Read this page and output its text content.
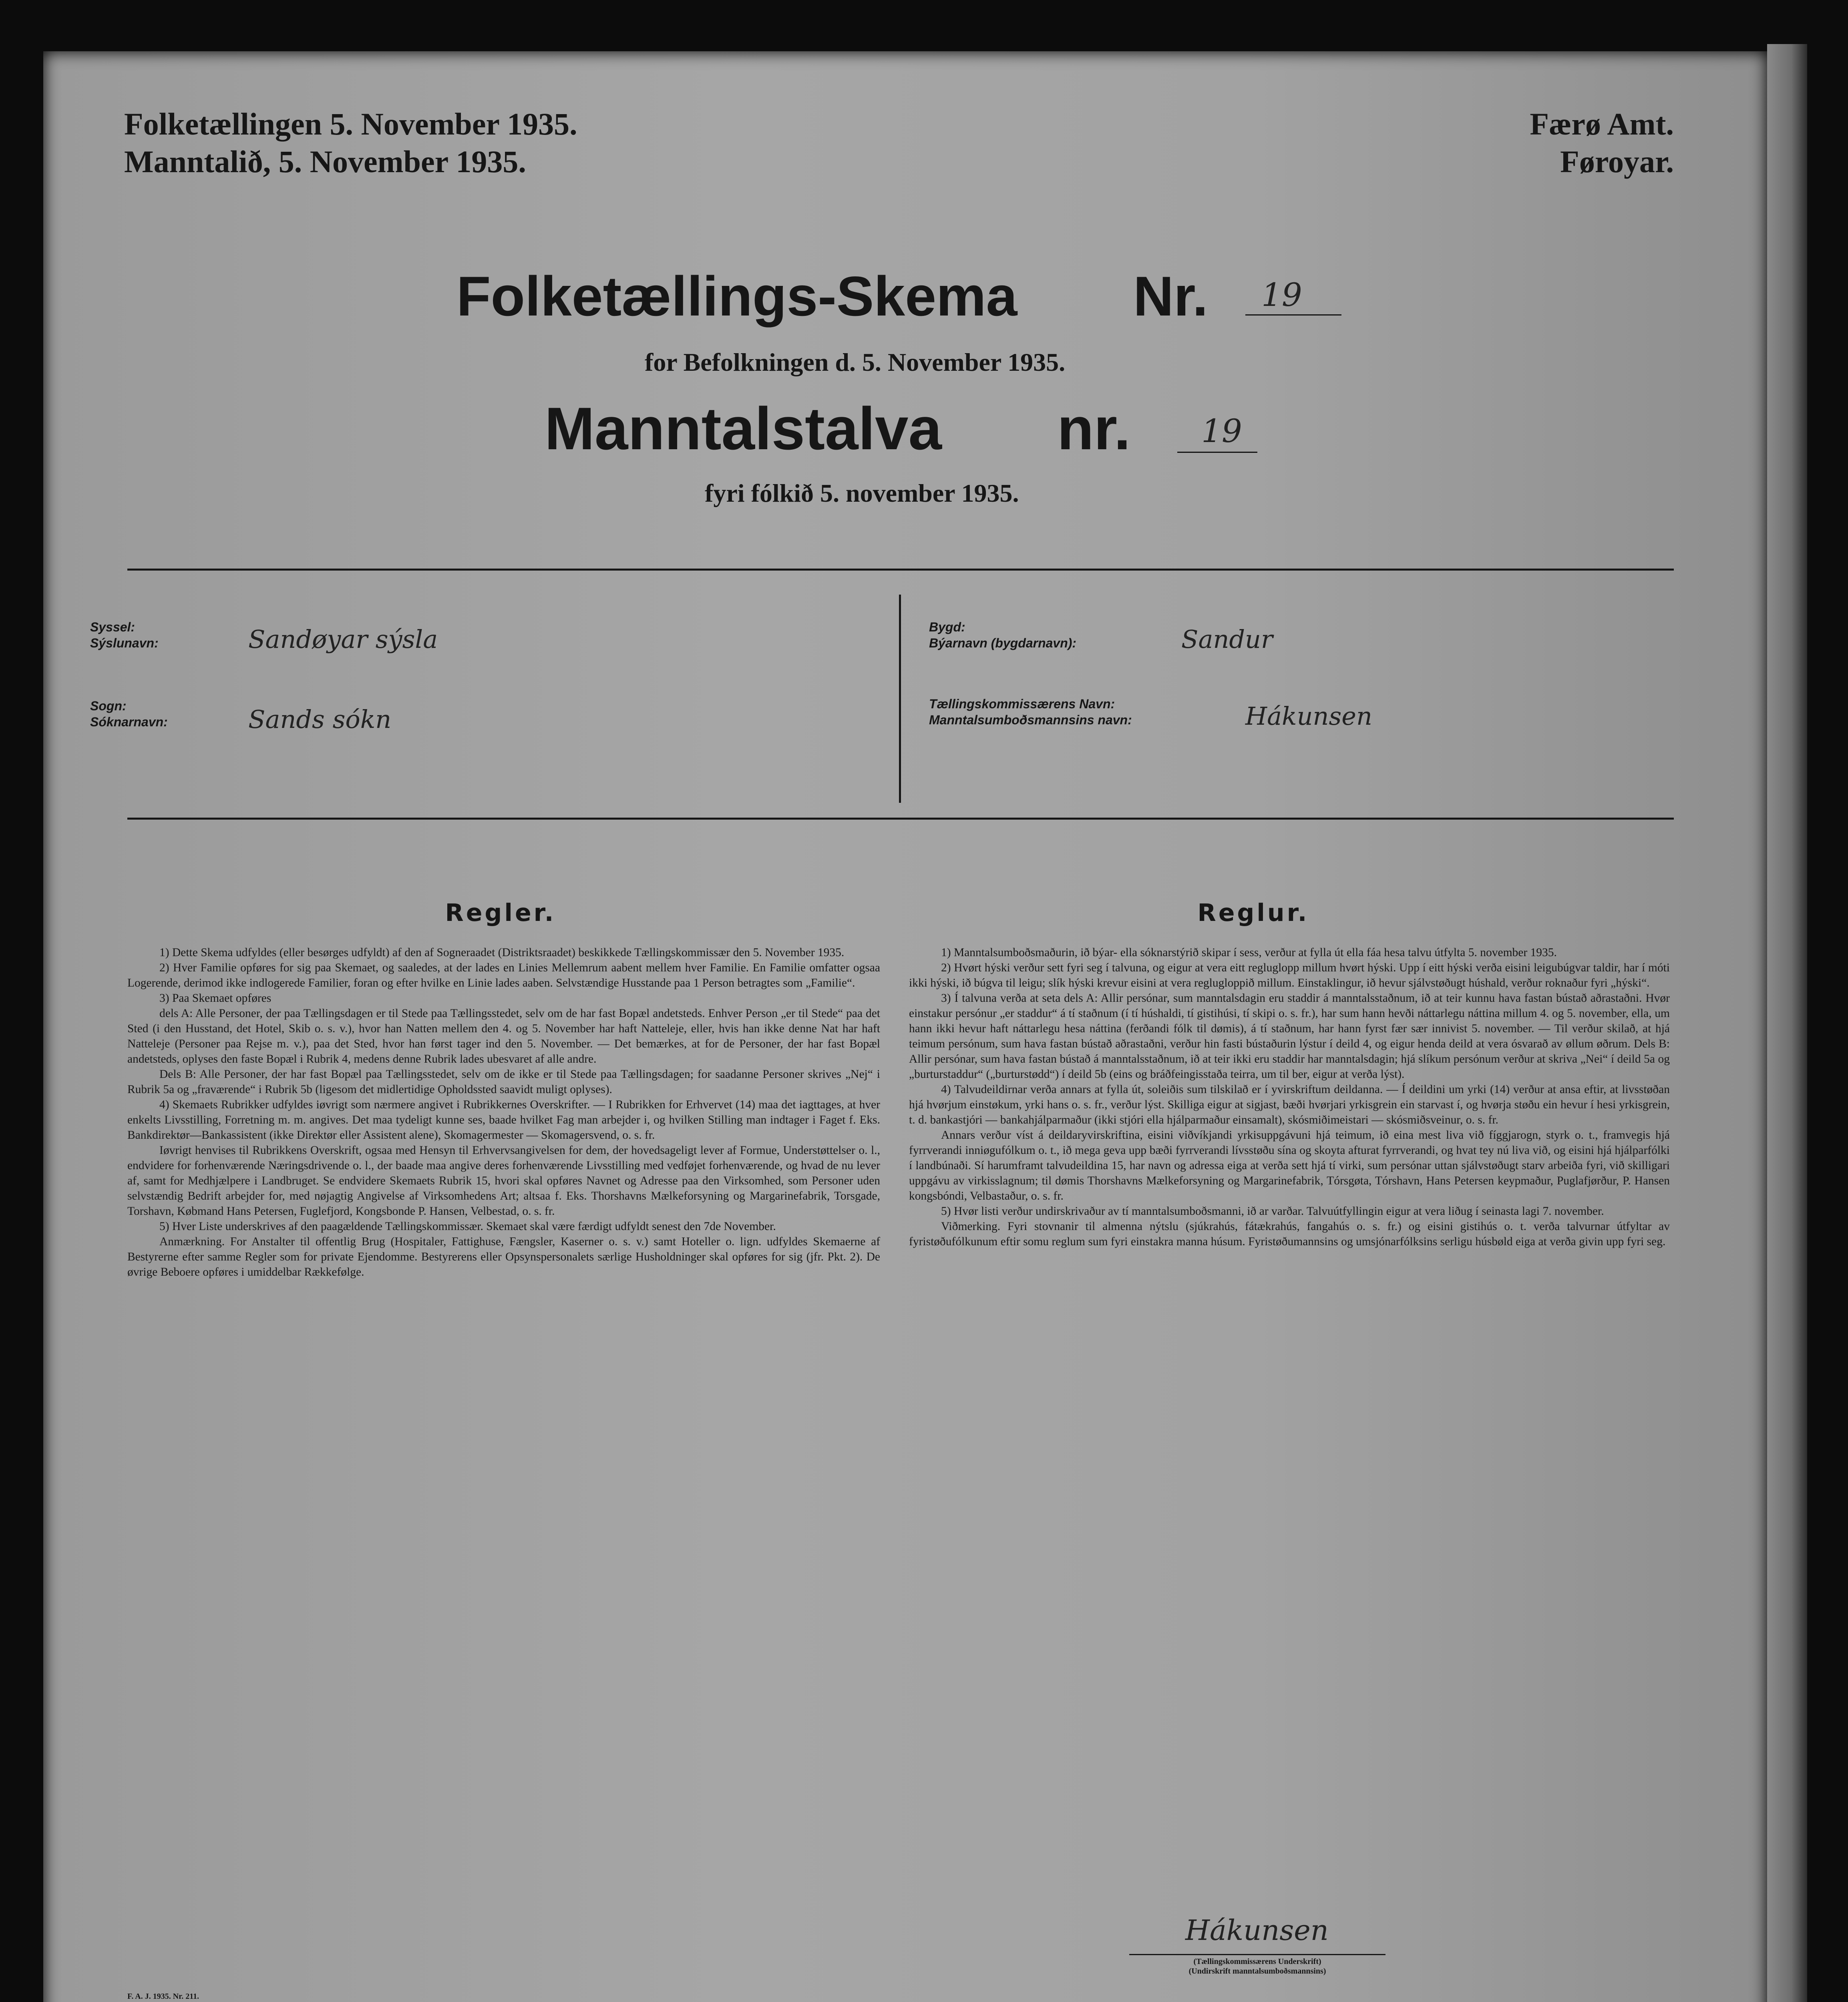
Folketællingen 5. November 1935.
Manntalið, 5. November 1935.
Færø Amt.
Føroyar.
Folketællings-Skema Nr. 19
for Befolkningen d. 5. November 1935.
Manntalstalva nr. 19
fyri fólkið 5. november 1935.
Syssel:
Sýslunavn:	Sandøyar sýsla
Sogn:
Sóknarnavn:	Sands sókn
Bygd:
Býarnavn (bygdarnavn):	Sandur
Tællingskommissærens Navn:
Manntalsumboðsmannsins navn:	Hákunsen
Regler.	Reglur.

1) Dette Skema udfyldes (eller besørges udfyldt) af den af Sogneraadet (Distriktsraadet) beskikkede Tællingskommissær den 5. November 1935.

2) Hver Familie opføres for sig paa Skemaet, og saaledes, at der lades en Linies Mellemrum aabent mellem hver Familie. En Familie omfatter ogsaa Logerende, derimod ikke indlogerede Familier, foran og efter hvilke en Linie lades aaben. Selvstændige Husstande paa 1 Person betragtes som „Familie“.

3) Paa Skemaet opføres

dels A: Alle Personer, der paa Tællingsdagen er til Stede paa Tællingsstedet, selv om de har fast Bopæl andetsteds. Enhver Person „er til Stede“ paa det Sted (i den Husstand, det Hotel, Skib o. s. v.), hvor han Natten mellem den 4. og 5. November har haft Natteleje, eller, hvis han ikke denne Nat har haft Natteleje (Personer paa Rejse m. v.), paa det Sted, hvor han først tager ind den 5. November. — Det bemærkes, at for de Personer, der har fast Bopæl andetsteds, oplyses den faste Bopæl i Rubrik 4, medens denne Rubrik lades ubesvaret af alle andre.

Dels B: Alle Personer, der har fast Bopæl paa Tællingsstedet, selv om de ikke er til Stede paa Tællingsdagen; for saadanne Personer skrives „Nej“ i Rubrik 5a og „fraværende“ i Rubrik 5b (ligesom det midlertidige Opholdssted saavidt muligt oplyses).

4) Skemaets Rubrikker udfyldes iøvrigt som nærmere angivet i Rubrikkernes Overskrifter. — I Rubrikken for Erhvervet (14) maa det iagttages, at hver enkelts Livsstilling, Forretning m. m. angives. Det maa tydeligt kunne ses, baade hvilket Fag man arbejder i, og hvilken Stilling man indtager i Faget f. Eks. Bankdirektør—Bankassistent (ikke Direktør eller Assistent alene), Skomagermester — Skomagersvend, o. s. fr.

Iøvrigt henvises til Rubrikkens Overskrift, ogsaa med Hensyn til Erhvervsangivelsen for dem, der hovedsageligt lever af Formue, Understøttelser o. l., endvidere for forhenværende Næringsdrivende o. l., der baade maa angive deres forhenværende Livsstilling med vedføjet forhenværende, og hvad de nu lever af, samt for Medhjælpere i Landbruget. Se endvidere Skemaets Rubrik 15, hvori skal opføres Navnet og Adresse paa den Virksomhed, som Personer uden selvstændig Bedrift arbejder for, med nøjagtig Angivelse af Virksomhedens Art; altsaa f. Eks. Thorshavns Mælkeforsyning og Margarinefabrik, Torsgade, Torshavn, Købmand Hans Petersen, Fuglefjord, Kongsbonde P. Hansen, Velbestad, o. s. fr.

5) Hver Liste underskrives af den paagældende Tællingskommissær. Skemaet skal være færdigt udfyldt senest den 7de November.

Anmærkning. For Anstalter til offentlig Brug (Hospitaler, Fattighuse, Fængsler, Kaserner o. s. v.) samt Hoteller o. lign. udfyldes Skemaerne af Bestyrerne efter samme Regler som for private Ejendomme. Bestyrerens eller Opsynspersonalets særlige Husholdninger skal opføres for sig (jfr. Pkt. 2). De øvrige Beboere opføres i umiddelbar Rækkefølge.

1) Manntalsumboðsmaðurin, ið býar- ella sóknarstýrið skipar í sess, verður at fylla út ella fáa hesa talvu útfylta 5. november 1935.

2) Hvørt hýski verður sett fyri seg í talvuna, og eigur at vera eitt regluglopp millum hvørt hýski. Upp í eitt hýski verða eisini leigubúgvar taldir, har í móti ikki hýski, ið búgva til leigu; slík hýski krevur eisini at vera reglugloppið millum. Einstaklingur, ið hevur sjálvstøðugt húshald, verður roknaður fyri „hýski“.

3) Í talvuna verða at seta dels A: Allir persónar, sum manntalsdagin eru staddir á manntalsstaðnum, ið at teir kunnu hava fastan bústað aðrastaðni. Hvør einstakur persónur „er staddur“ á tí staðnum (í tí húshaldi, tí gistihúsi, tí skipi o. s. fr.), har sum hann hevði náttarlegu náttina millum 4. og 5. november, ella, um hann ikki hevur haft náttarlegu hesa náttina (ferðandi fólk til dømis), á tí staðnum, har hann fyrst fær sær innivist 5. november. — Til verður skilað, at hjá teimum persónum, sum hava fastan bústað aðrastaðni, verður hin fasti bústaðurin lýstur í deild 4, og eigur henda deild at vera ósvarað av øllum øðrum. Dels B: Allir persónar, sum hava fastan bústað á manntalsstaðnum, ið at teir ikki eru staddir har manntalsdagin; hjá slíkum persónum verður at skriva „Nei“ í deild 5a og „burturstaddur“ („burturstødd“) í deild 5b (eins og bráðfeingisstaða teirra, um til ber, eigur at verða lýst).

4) Talvudeildirnar verða annars at fylla út, soleiðis sum tilskilað er í yvirskriftum deildanna. — Í deildini um yrki (14) verður at ansa eftir, at livsstøðan hjá hvørjum einstøkum, yrki hans o. s. fr., verður lýst. Skilliga eigur at sigjast, bæði hvørjari yrkisgrein ein starvast í, og hvørja støðu ein hevur í hesi yrkisgrein, t. d. bankastjóri — bankahjálparmaður (ikki stjóri ella hjálparmaður einsamalt), skósmiðimeistari — skósmiðsveinur, o. s. fr.

Annars verður víst á deildaryvirskriftina, eisini viðvíkjandi yrkisuppgávuni hjá teimum, ið eina mest liva við fíggjarogn, styrk o. t., framvegis hjá fyrrverandi inniøgufólkum o. t., ið mega geva upp bæði fyrrverandi lívsstøðu sína og skoyta afturat fyrrverandi, og hvat tey nú liva við, og eisini hjá hjálparfólki í landbúnaði. Sí harumframt talvudeildina 15, har navn og adressa eiga at verða sett hjá tí virki, sum persónar uttan sjálvstøðugt starv arbeiða fyri, við skilligari uppgávu av virkisslagnum; til dømis Thorshavns Mælkeforsyning og Margarinefabrik, Tórsgøta, Tórshavn, Hans Petersen keypmaður, Puglafjørður, P. Hansen kongsbóndi, Velbastaður, o. s. fr.

5) Hvør listi verður undirskrivaður av tí manntalsumboðsmanni, ið ar varðar. Talvuútfyllingin eigur at vera liðug í seinasta lagi 7. november.

Viðmerking. Fyri stovnanir til almenna nýtslu (sjúkrahús, fátækrahús, fangahús o. s. fr.) og eisini gistihús o. t. verða talvurnar útfyltar av fyristøðufólkunum eftir somu reglum sum fyri einstakra manna húsum. Fyristøðumannsins og umsjónarfólksins serligu húsbøld eiga at verða givin upp fyri seg.

Hákunsen
(Tællingskommissærens Underskrift)
(Undirskrift manntalsumboðsmannsins)
F. A. J. 1935. Nr. 211.
